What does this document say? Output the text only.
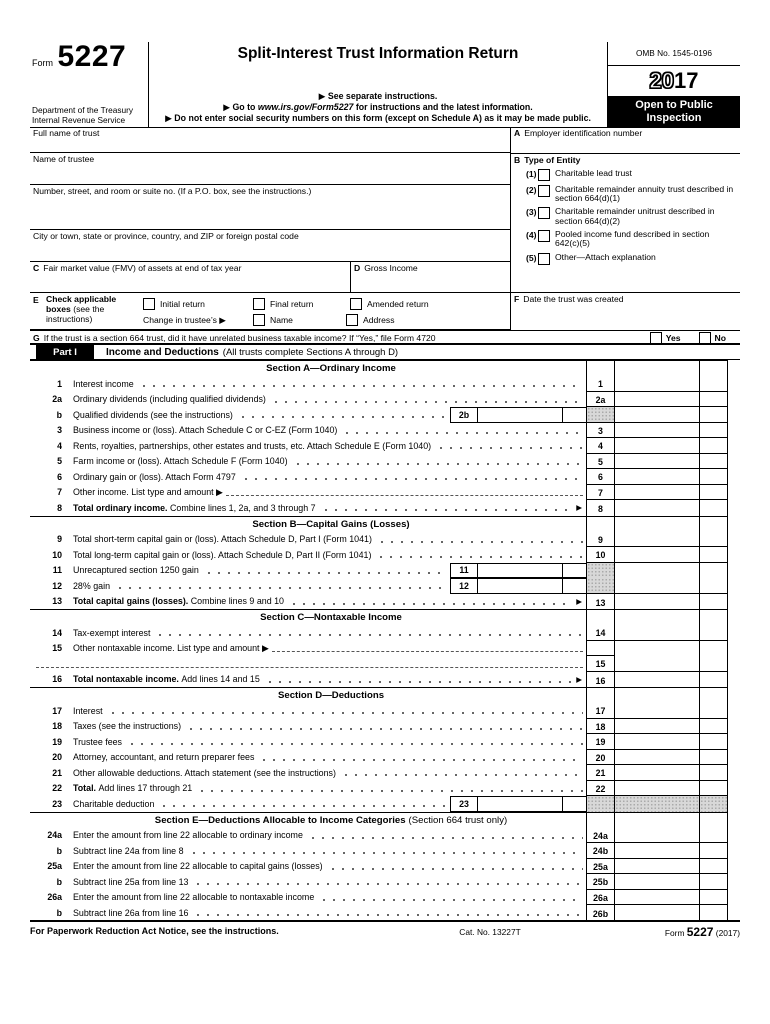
Form 5227
Department of the Treasury
Internal Revenue Service
Split-Interest Trust Information Return
▶ See separate instructions.
▶ Go to www.irs.gov/Form5227 for instructions and the latest information.
▶ Do not enter social security numbers on this form (except on Schedule A) as it may be made public.
OMB No. 1545-0196
2017
Open to Public
Inspection
Full name of trust
Name of trustee
Number, street, and room or suite no. (If a P.O. box, see the instructions.)
City or town, state or province, country, and ZIP or foreign postal code
C Fair market value (FMV) of assets at end of tax year	D Gross Income
E Check applicable
boxes (see the
instructions)
Initial return	Final return	Amended return
Change in trustee’s ▶	Name	Address
A Employer identification number
B Type of Entity
(1) Charitable lead trust
(2) Charitable remainder annuity trust described in section 664(d)(1)
(3) Charitable remainder unitrust described in section 664(d)(2)
(4) Pooled income fund described in section 642(c)(5)
(5) Other—Attach explanation
F Date the trust was created
G If the trust is a section 664 trust, did it have unrelated business taxable income? If “Yes,” file Form 4720	Yes	No
Part I	Income and Deductions (All trusts complete Sections A through D)
Section A—Ordinary Income
1 Interest income	1
2a Ordinary dividends (including qualified dividends)	2a
b Qualified dividends (see the instructions)	2b
3 Business income or (loss). Attach Schedule C or C-EZ (Form 1040)	3
4 Rents, royalties, partnerships, other estates and trusts, etc. Attach Schedule E (Form 1040)	4
5 Farm income or (loss). Attach Schedule F (Form 1040)	5
6 Ordinary gain or (loss). Attach Form 4797	6
7 Other income. List type and amount ▶	7
8 Total ordinary income. Combine lines 1, 2a, and 3 through 7	▶	8
Section B—Capital Gains (Losses)
9 Total short-term capital gain or (loss). Attach Schedule D, Part I (Form 1041)	9
10 Total long-term capital gain or (loss). Attach Schedule D, Part II (Form 1041)	10
11 Unrecaptured section 1250 gain	11
12 28% gain	12
13 Total capital gains (losses). Combine lines 9 and 10	▶	13
Section C—Nontaxable Income
14 Tax-exempt interest	14
15 Other nontaxable income. List type and amount ▶
15
16 Total nontaxable income. Add lines 14 and 15	▶	16
Section D—Deductions
17 Interest	17
18 Taxes (see the instructions)	18
19 Trustee fees	19
20 Attorney, accountant, and return preparer fees	20
21 Other allowable deductions. Attach statement (see the instructions)	21
22 Total. Add lines 17 through 21	22
23 Charitable deduction	23
Section E—Deductions Allocable to Income Categories (Section 664 trust only)
24a Enter the amount from line 22 allocable to ordinary income	24a
b Subtract line 24a from line 8	24b
25a Enter the amount from line 22 allocable to capital gains (losses)	25a
b Subtract line 25a from line 13	25b
26a Enter the amount from line 22 allocable to nontaxable income	26a
b Subtract line 26a from line 16	26b
For Paperwork Reduction Act Notice, see the instructions.	Cat. No. 13227T	Form 5227 (2017)
